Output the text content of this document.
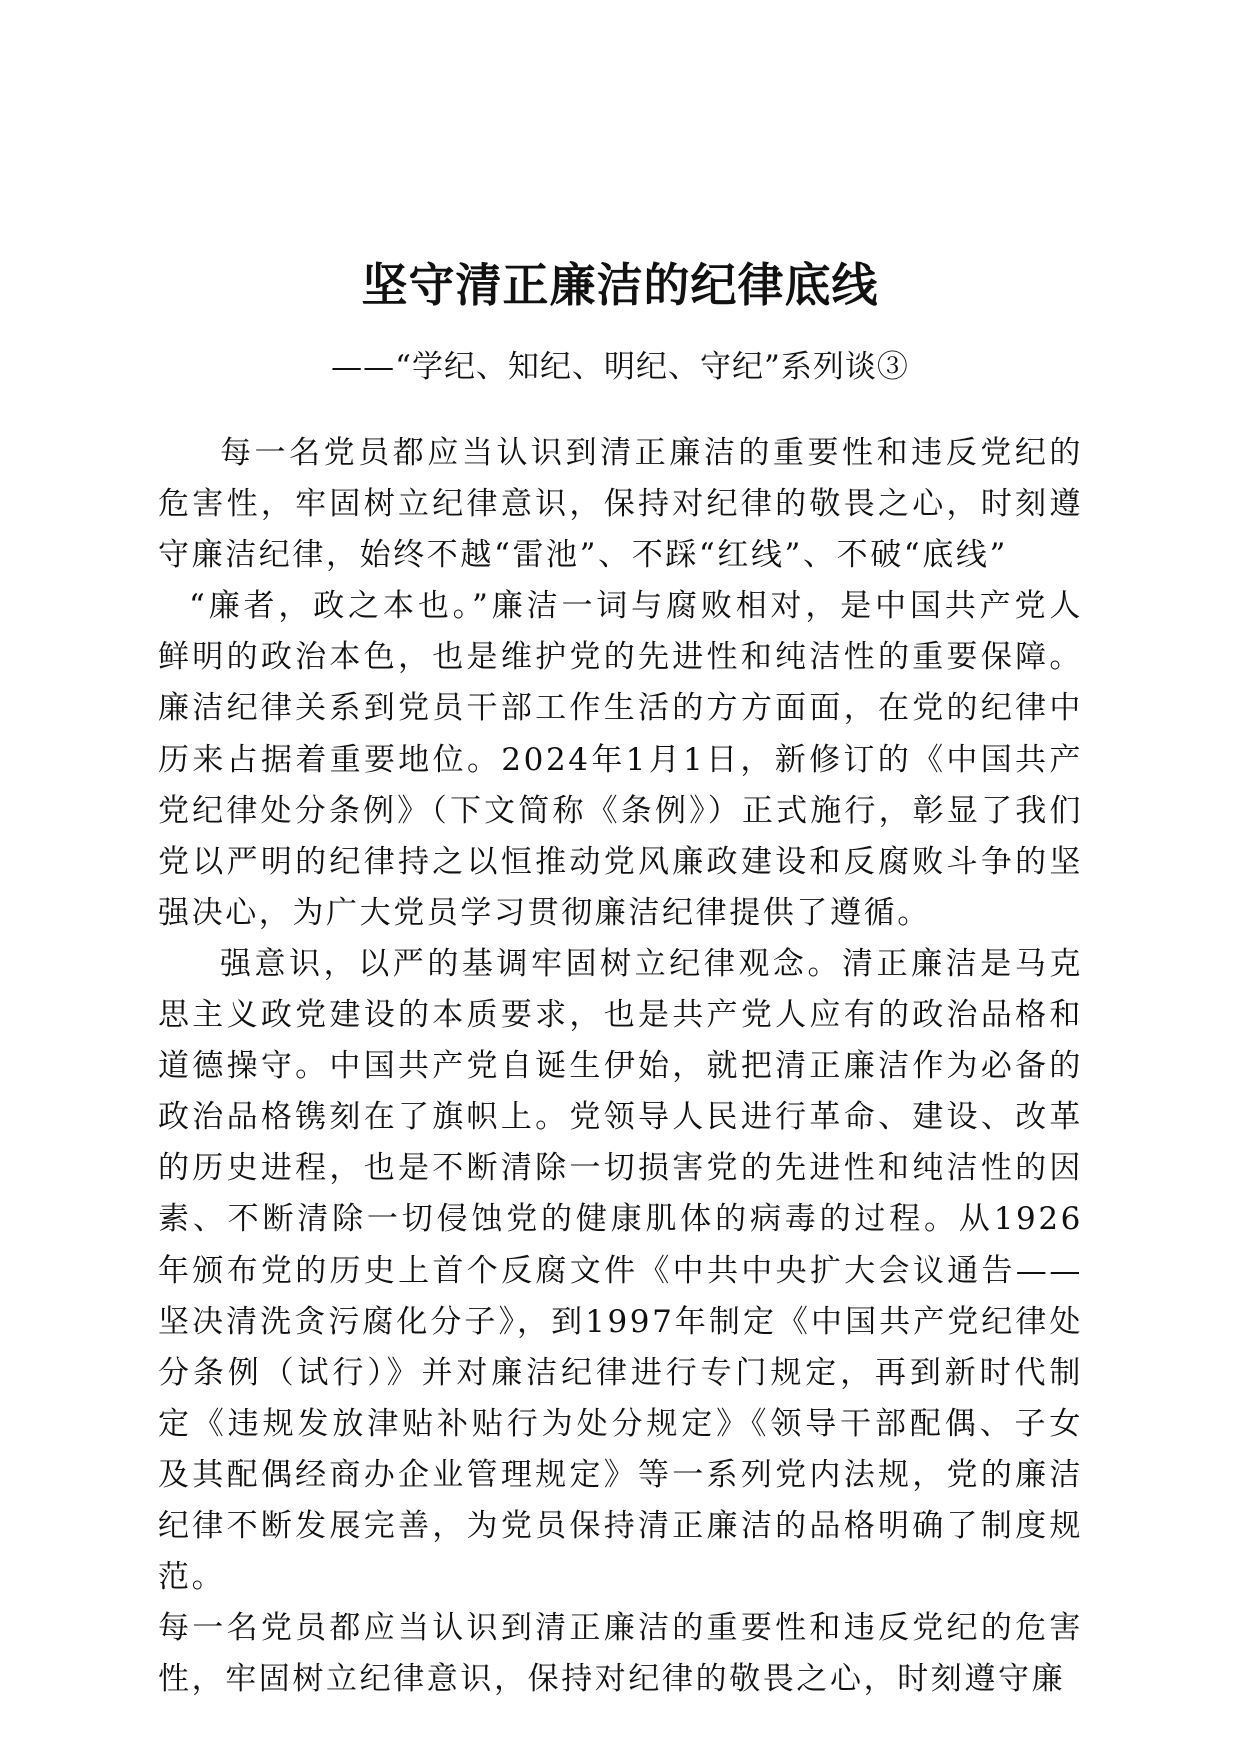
坚守清正廉洁的纪律底线

——“学纪、知纪、明纪、守纪”系列谈③

每一名党员都应当认识到清正廉洁的重要性和违反党纪的危害性，牢固树立纪律意识，保持对纪律的敬畏之心，时刻遵守廉洁纪律，始终不越“雷池”、不踩“红线”、不破“底线”

“廉者，政之本也。”廉洁一词与腐败相对，是中国共产党人鲜明的政治本色，也是维护党的先进性和纯洁性的重要保障。廉洁纪律关系到党员干部工作生活的方方面面，在党的纪律中历来占据着重要地位。2024年1月1日，新修订的《中国共产党纪律处分条例》（下文简称《条例》）正式施行，彰显了我们党以严明的纪律持之以恒推动党风廉政建设和反腐败斗争的坚强决心，为广大党员学习贯彻廉洁纪律提供了遵循。

强意识，以严的基调牢固树立纪律观念。清正廉洁是马克思主义政党建设的本质要求，也是共产党人应有的政治品格和道德操守。中国共产党自诞生伊始，就把清正廉洁作为必备的政治品格镌刻在了旗帜上。党领导人民进行革命、建设、改革的历史进程，也是不断清除一切损害党的先进性和纯洁性的因素、不断清除一切侵蚀党的健康肌体的病毒的过程。从1926年颁布党的历史上首个反腐文件《中共中央扩大会议通告——坚决清洗贪污腐化分子》，到1997年制定《中国共产党纪律处分条例（试行）》并对廉洁纪律进行专门规定，再到新时代制定《违规发放津贴补贴行为处分规定》《领导干部配偶、子女及其配偶经商办企业管理规定》等一系列党内法规，党的廉洁纪律不断发展完善，为党员保持清正廉洁的品格明确了制度规范。

每一名党员都应当认识到清正廉洁的重要性和违反党纪的危害性，牢固树立纪律意识，保持对纪律的敬畏之心，时刻遵守廉
